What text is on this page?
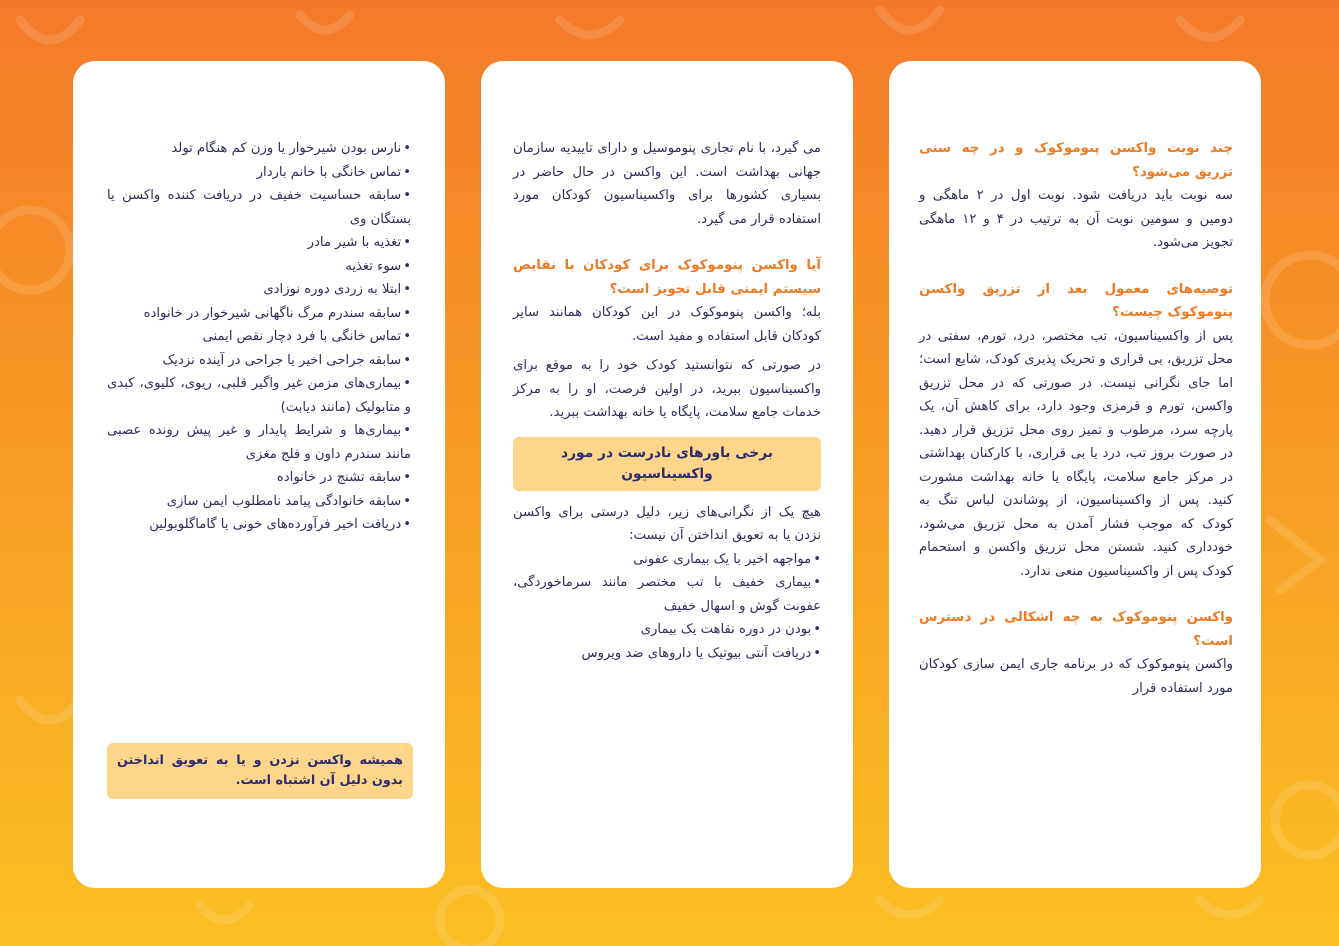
چند نوبت واکسن پنوموکوک و در چه سنی تزریق می‌شود؟

سه نوبت باید دریافت شود. نوبت اول در ۲ ماهگی و دومین و سومین نوبت آن به ترتیب در ۴ و ۱۲ ماهگی تجویز می‌شود.

توصیه‌های معمول بعد از تزریق واکسن پنوموکوک چیست؟

پس از واکسیناسیون، تب مختصر، درد، تورم، سفتی در محل تزریق، بی قراری و تحریک پذیری کودک، شایع است؛ اما جای نگرانی نیست. در صورتی که در محل تزریق واکسن، تورم و قرمزی وجود دارد، برای کاهش آن، یک پارچه سرد، مرطوب و تمیز روی محل تزریق قرار دهید. در صورت بروز تب، درد یا بی قراری، با کارکنان بهداشتی در مرکز جامع سلامت، پایگاه یا خانه بهداشت مشورت کنید. پس از واکسیناسیون، از پوشاندن لباس تنگ به کودک که موجب فشار آمدن به محل تزریق می‌شود، خودداری کنید. شستن محل تزریق واکسن و استحمام کودک پس از واکسیناسیون منعی ندارد.

واکسن پنوموکوک به چه اشکالی در دسترس است؟

واکسن پنوموکوک که در برنامه جاری ایمن سازی کودکان مورد استفاده قرار

می گیرد، با نام تجاری پنوموسیل و دارای تاییدیه سازمان جهانی بهداشت است. این واکسن در حال حاضر در بسیاری کشورها برای واکسیناسیون کودکان مورد استفاده قرار می گیرد.

آیا واکسن پنوموکوک برای کودکان با نقایص سیستم ایمنی قابل تجویز است؟

بله؛ واکسن پنوموکوک در این کودکان همانند سایر کودکان قابل استفاده و مفید است.

در صورتی که نتوانستید کودک خود را به موقع برای واکسیناسیون ببرید، در اولین فرصت، او را به مرکز خدمات جامع سلامت، پایگاه یا خانه بهداشت ببرید.

برخی باورهای نادرست در مورد واکسیناسیون

هیچ یک از نگرانی‌های زیر، دلیل درستی برای واکسن نزدن یا به تعویق انداختن آن نیست:

• مواجهه اخیر با یک بیماری عفونی
• بیماری خفیف با تب مختصر مانند سرماخوردگی، عفونت گوش و اسهال خفیف
• بودن در دوره نقاهت یک بیماری
• دریافت آنتی بیوتیک یا داروهای ضد ویروس
• نارس بودن شیرخوار یا وزن کم هنگام تولد
• تماس خانگی با خانم باردار
• سابقه حساسیت خفیف در دریافت کننده واکسن یا بستگان وی
• تغذیه با شیر مادر
• سوء تغذیه
• ابتلا به زردی دوره نوزادی
• سابقه سندرم مرگ ناگهانی شیرخوار در خانواده
• تماس خانگی با فرد دچار نقص ایمنی
• سابقه جراحی اخیر یا جراحی در آینده نزدیک
• بیماری‌های مزمن غیر واگیر قلبی، ریوی، کلیوی، کبدی و متابولیک (مانند دیابت)
• بیماری‌ها و شرایط پایدار و غیر پیش رونده عصبی مانند سندرم داون و فلج مغزی
• سابقه تشنج در خانواده
• سابقه خانوادگی پیامد نامطلوب ایمن سازی
• دریافت اخیر فرآورده‌های خونی یا گاماگلوبولین
همیشه واکسن نزدن و یا به تعویق انداختن بدون دلیل آن اشتباه است.
